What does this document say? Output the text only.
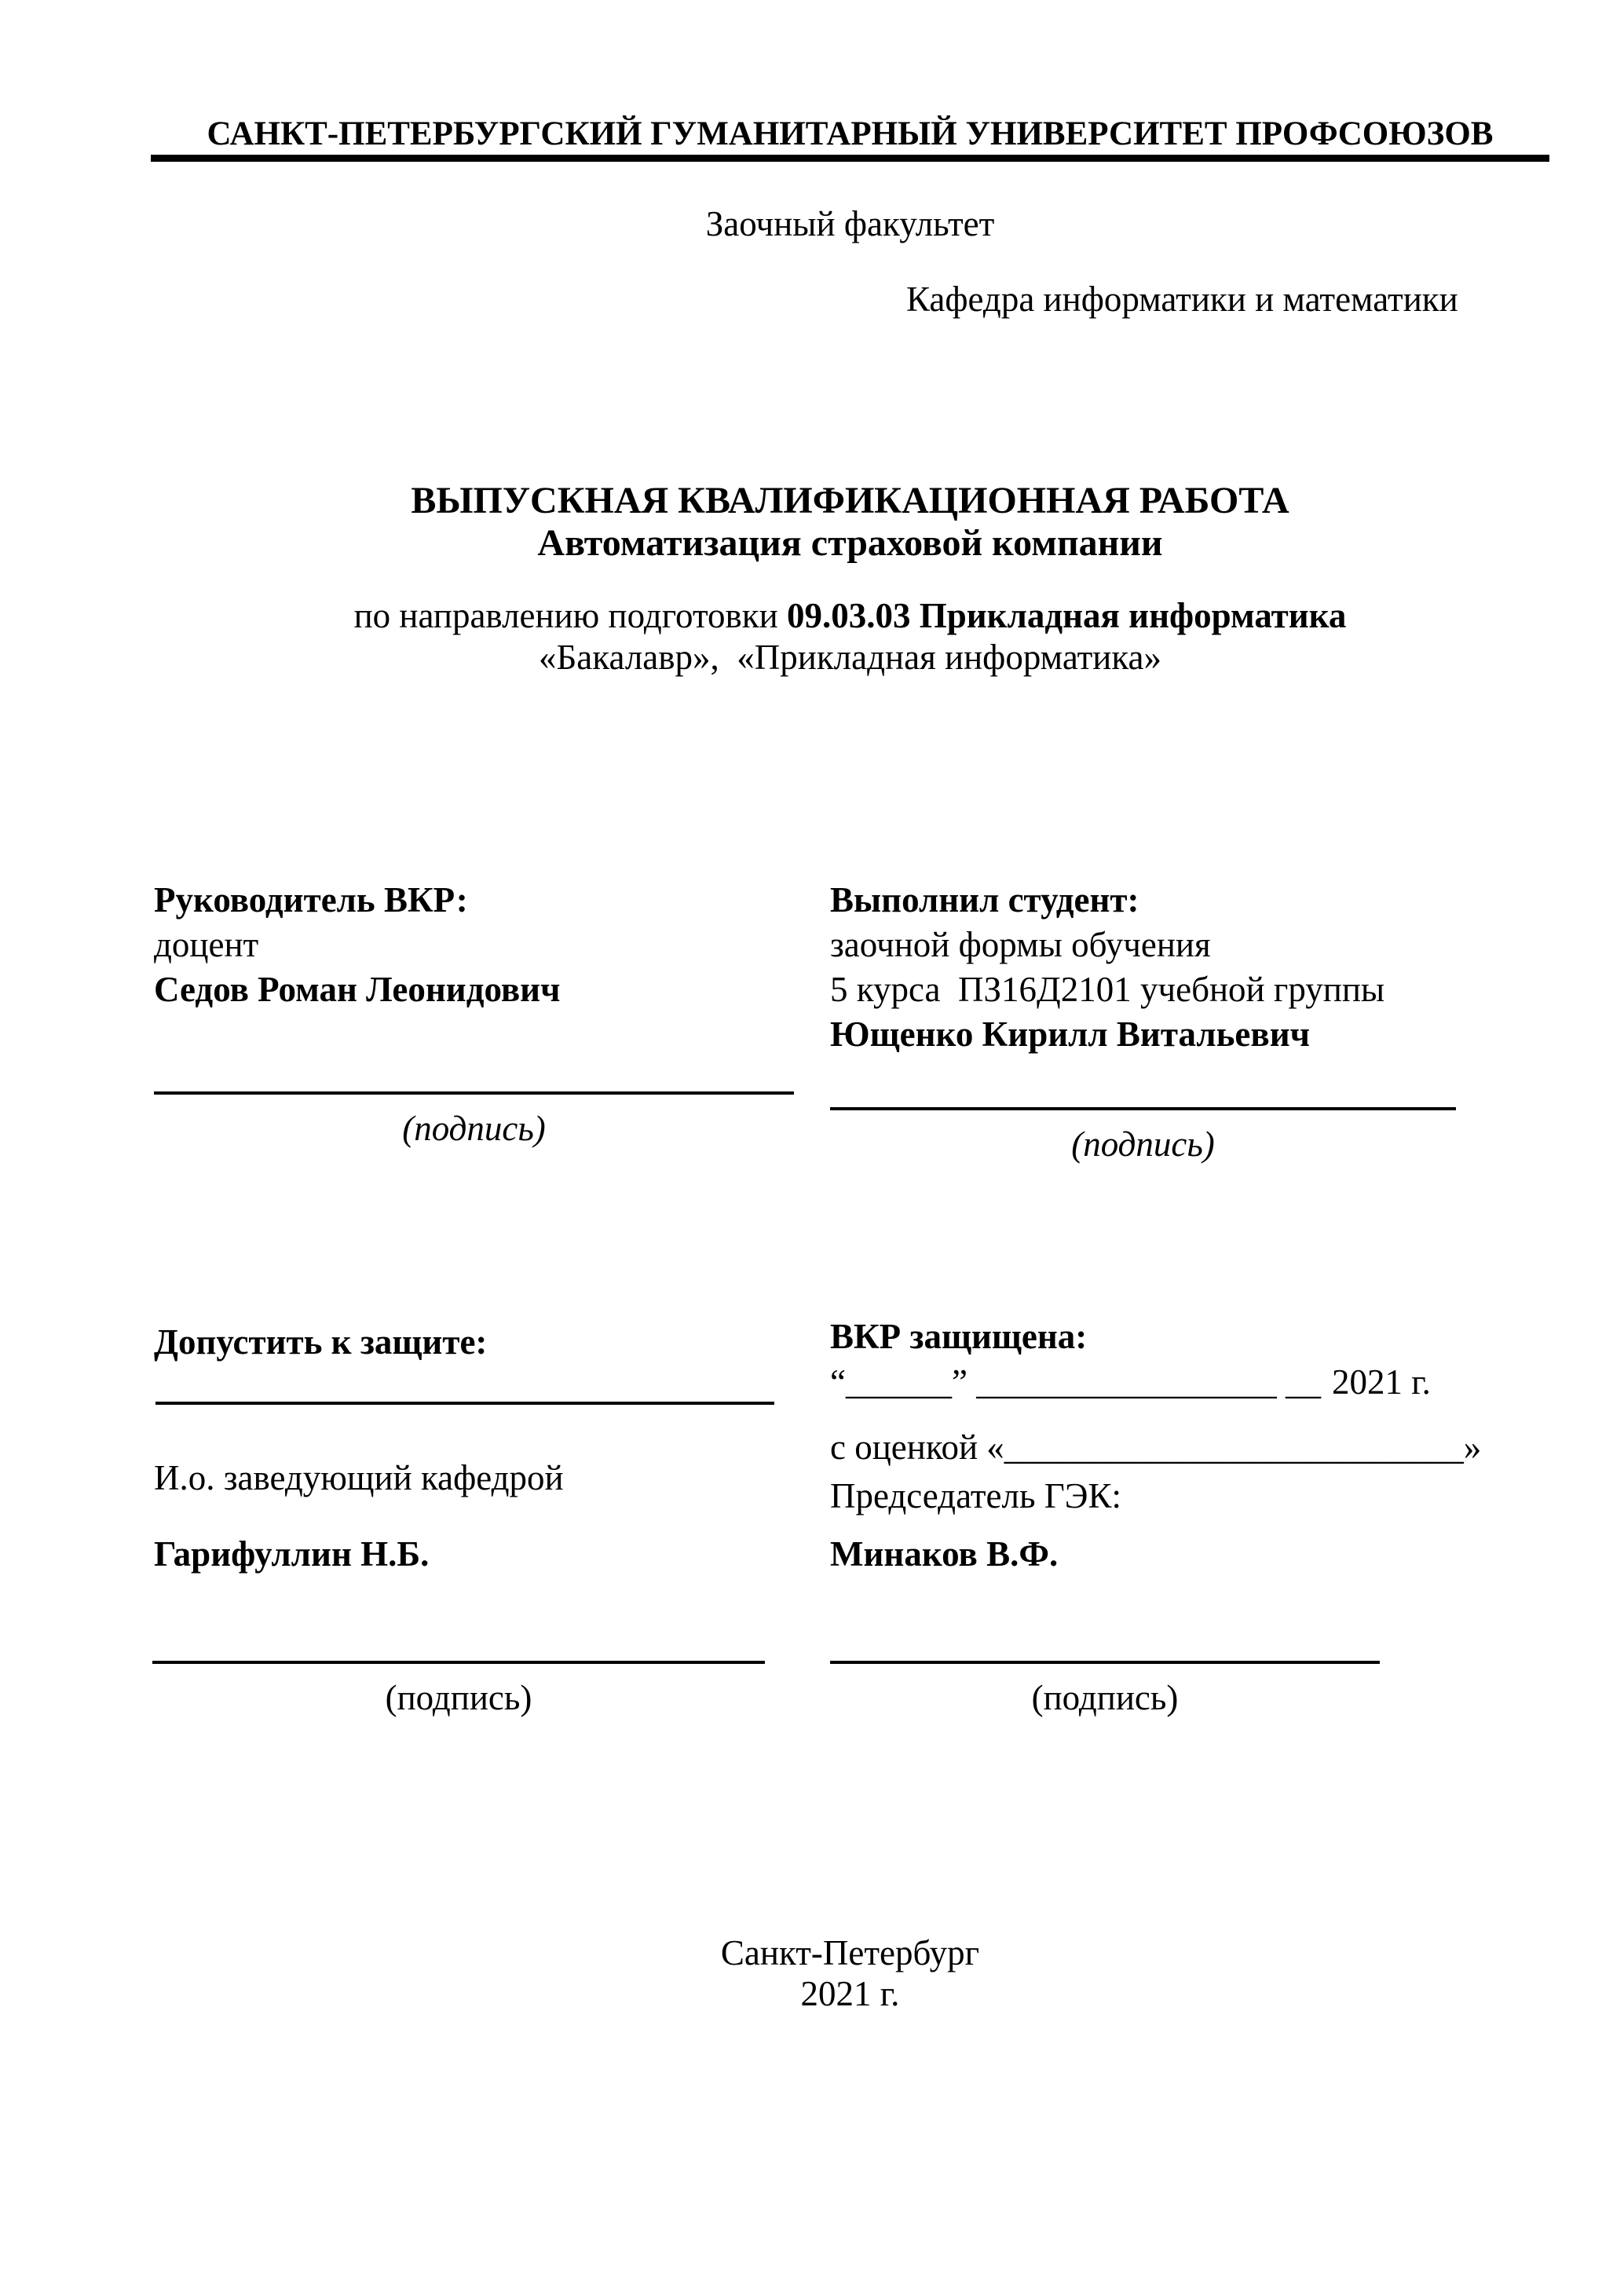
САНКТ-ПЕТЕРБУРГСКИЙ ГУМАНИТАРНЫЙ УНИВЕРСИТЕТ ПРОФСОЮЗОВ
Заочный факультет
Кафедра информатики и математики
ВЫПУСКНАЯ КВАЛИФИКАЦИОННАЯ РАБОТА
Автоматизация страховой компании
по направлению подготовки 09.03.03 Прикладная информатика
«Бакалавр»,  «Прикладная информатика»
Руководитель ВКР:
доцент
Седов Роман Леонидович
Выполнил студент:
заочной формы обучения
5 курса  ПЗ16Д2101 учебной группы
Ющенко Кирилл Витальевич
(подпись)	(подпись)
Допустить к защите:
И.о. заведующий кафедрой
Гарифуллин Н.Б.
ВКР защищена:
“______” _________________ __ 2021 г.
с оценкой «__________________________»
Председатель ГЭК:
Минаков В.Ф.
(подпись)	(подпись)
Санкт-Петербург
2021 г.
